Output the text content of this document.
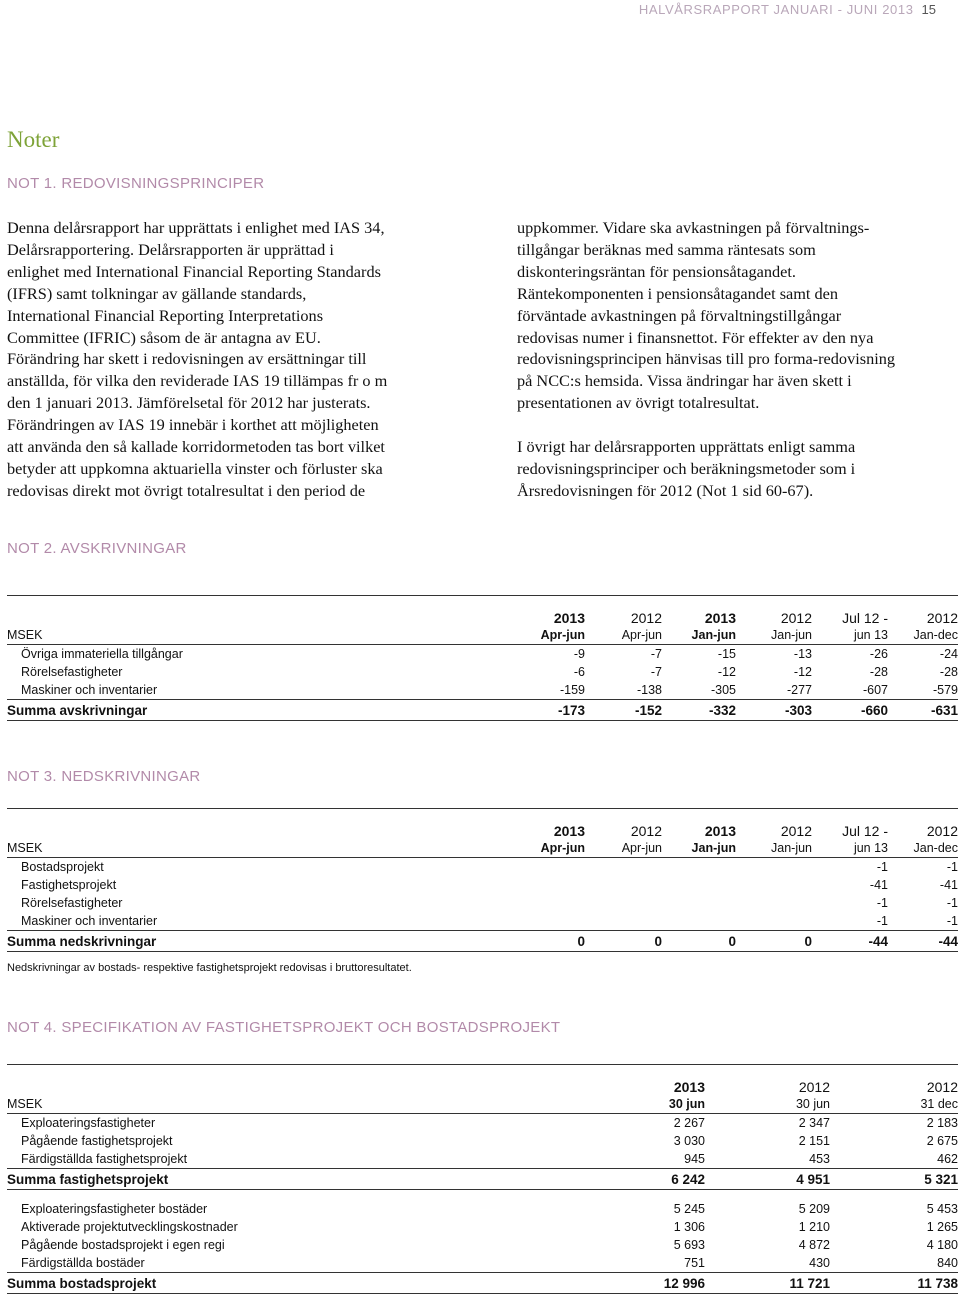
HALVÅRSRAPPORT JANUARI - JUNI 2013 15
Noter
NOT 1. REDOVISNINGSPRINCIPER
Denna delårsrapport har upprättats i enlighet med IAS 34,
Delårsrapportering. Delårsrapporten är upprättad i
enlighet med International Financial Reporting Standards
(IFRS) samt tolkningar av gällande standards,
International Financial Reporting Interpretations
Committee (IFRIC) såsom de är antagna av EU.
Förändring har skett i redovisningen av ersättningar till
anställda, för vilka den reviderade IAS 19 tillämpas fr o m
den 1 januari 2013. Jämförelsetal för 2012 har justerats.
Förändringen av IAS 19 innebär i korthet att möjligheten
att använda den så kallade korridormetoden tas bort vilket
betyder att uppkomna aktuariella vinster och förluster ska
redovisas direkt mot övrigt totalresultat i den period de
uppkommer. Vidare ska avkastningen på förvaltnings-
tillgångar beräknas med samma räntesats som
diskonteringsräntan för pensionsåtagandet.
Räntekomponenten i pensionsåtagandet samt den
förväntade avkastningen på förvaltningstillgångar
redovisas numer i finansnettot. För effekter av den nya
redovisningsprincipen hänvisas till pro forma-redovisning
på NCC:s hemsida. Vissa ändringar har även skett i
presentationen av övrigt totalresultat.
I övrigt har delårsrapporten upprättats enligt samma
redovisningsprinciper och beräkningsmetoder som i
Årsredovisningen för 2012 (Not 1 sid 60-67).
NOT 2. AVSKRIVNINGAR

	2013	2012	2013	2012	Jul 12 -	2012
MSEK	Apr-jun	Apr-jun	Jan-jun	Jan-jun	jun 13	Jan-dec
Övriga immateriella tillgångar	-9	-7	-15	-13	-26	-24
Rörelsefastigheter	-6	-7	-12	-12	-28	-28
Maskiner och inventarier	-159	-138	-305	-277	-607	-579
Summa avskrivningar	-173	-152	-332	-303	-660	-631
NOT 3. NEDSKRIVNINGAR

	2013	2012	2013	2012	Jul 12 -	2012
MSEK	Apr-jun	Apr-jun	Jan-jun	Jan-jun	jun 13	Jan-dec
Bostadsprojekt					-1	-1
Fastighetsprojekt					-41	-41
Rörelsefastigheter					-1	-1
Maskiner och inventarier					-1	-1
Summa nedskrivningar	0	0	0	0	-44	-44
Nedskrivningar av bostads- respektive fastighetsprojekt redovisas i bruttoresultatet.
NOT 4. SPECIFIKATION AV FASTIGHETSPROJEKT OCH BOSTADSPROJEKT

	2013	2012	2012
MSEK	30 jun	30 jun	31 dec
Exploateringsfastigheter	2 267	2 347	2 183
Pågående fastighetsprojekt	3 030	2 151	2 675
Färdigställda fastighetsprojekt	945	453	462
Summa fastighetsprojekt	6 242	4 951	5 321

Exploateringsfastigheter bostäder	5 245	5 209	5 453
Aktiverade projektutvecklingskostnader	1 306	1 210	1 265
Pågående bostadsprojekt i egen regi	5 693	4 872	4 180
Färdigställda bostäder	751	430	840
Summa bostadsprojekt	12 996	11 721	11 738
